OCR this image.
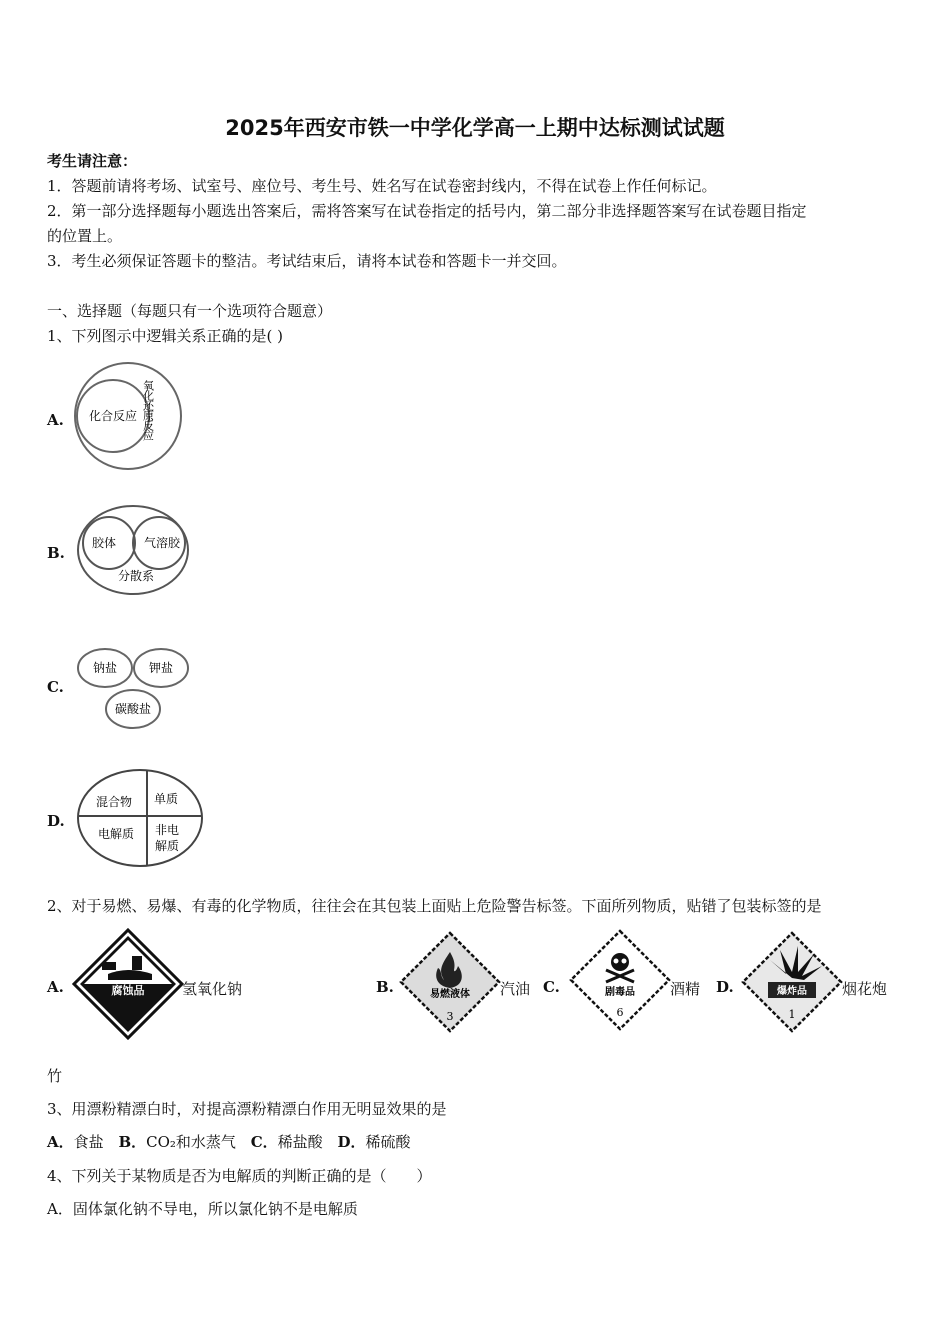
2025年西安市铁一中学化学高一上期中达标测试试题
考生请注意：
1．答题前请将考场、试室号、座位号、考生号、姓名写在试卷密封线内，不得在试卷上作任何标记。
2．第一部分选择题每小题选出答案后，需将答案写在试卷指定的括号内，第二部分非选择题答案写在试卷题目指定
的位置上。
3．考生必须保证答题卡的整洁。考试结束后，请将本试卷和答题卡一并交回。
一、选择题（每题只有一个选项符合题意）
1、下列图示中逻辑关系正确的是( )
A. 化合反应 氧化还原反应
B.
胶体 气溶胶
分散系
C.
钠盐	钾盐
碳酸盐
D.
混合物 单质
电解质 非电
解质
2、对于易燃、易爆、有毒的化学物质，往往会在其包装上面贴上危险警告标签。下面所列物质，贴错了包装标签的是
A.	腐蚀品	氢氧化钠	B.	易燃液体
3
汽油 C.	剧毒品
6
酒精 D.	爆炸品
1
烟花炮
竹
3、用漂粉精漂白时，对提高漂粉精漂白作用无明显效果的是
A．食盐 B．CO₂和水蒸气 C．稀盐酸 D．稀硫酸
4、下列关于某物质是否为电解质的判断正确的是（　　）
A．固体氯化钠不导电，所以氯化钠不是电解质
